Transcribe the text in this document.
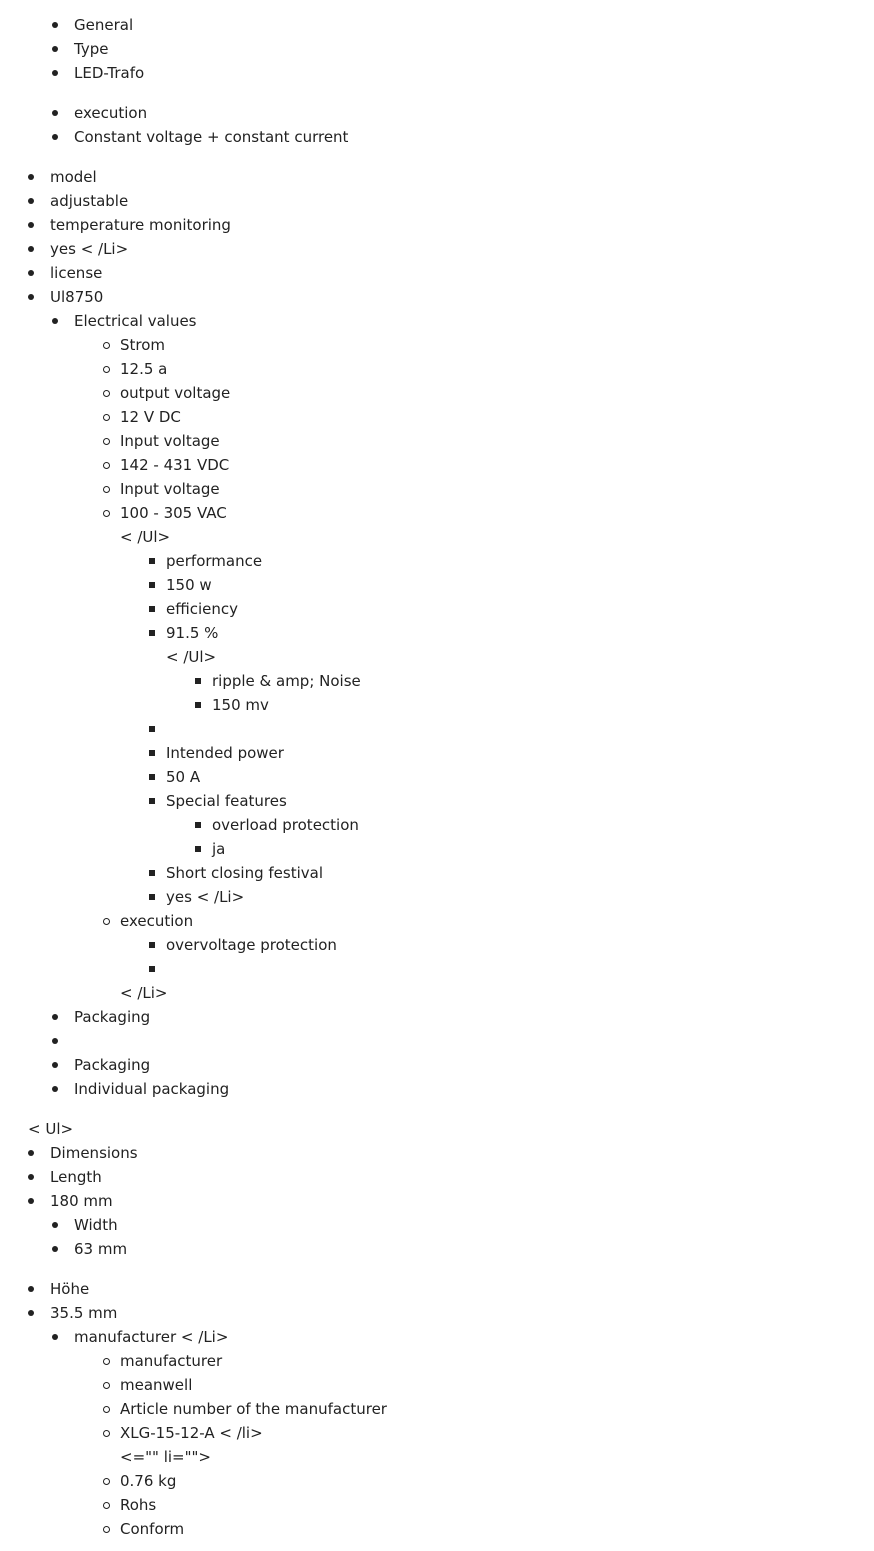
General
Type
LED-Trafo
execution
Constant voltage + constant current
model
adjustable
temperature monitoring
yes < /Li>
license
Ul8750
Electrical values
Strom
12.5 a
output voltage
12 V DC
Input voltage
142 - 431 VDC
Input voltage
100 - 305 VAC
< /Ul>
performance
150 w
efficiency
91.5 %
< /Ul>
ripple & amp; Noise
150 mv
Intended power
50 A
Special features
overload protection
ja
Short closing festival
yes < /Li>
execution
overvoltage protection
< /Li>
Packaging
Packaging
Individual packaging
< Ul>
Dimensions
Length
180 mm
Width
63 mm
Höhe
35.5 mm
manufacturer < /Li>
manufacturer
meanwell
Article number of the manufacturer
XLG-15-12-A < /li>
<="" li="">
0.76 kg
Rohs
Conform
